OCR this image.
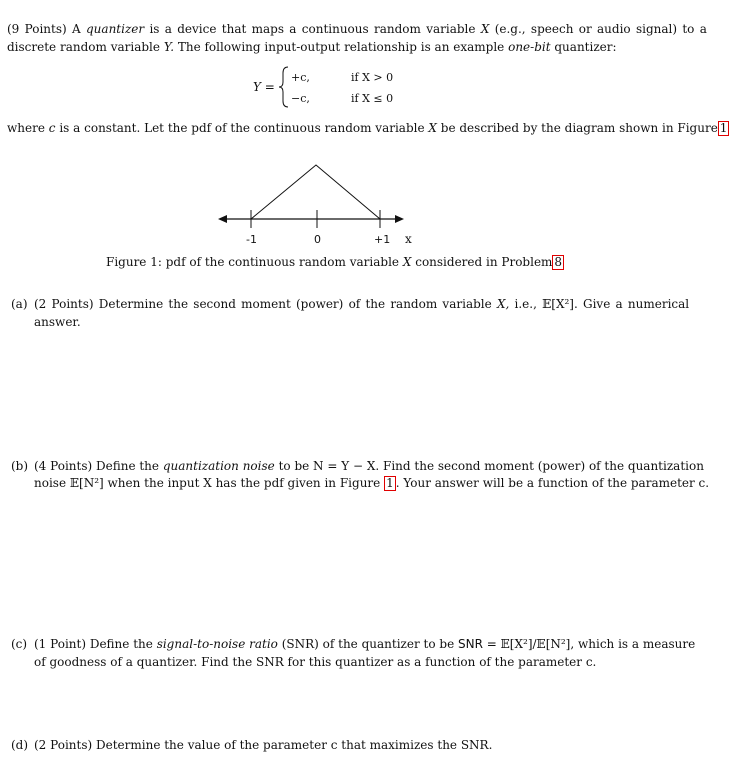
(9 Points) A quantizer is a device that maps a continuous random variable X (e.g., speech or audio signal) to a
discrete random variable Y. The following input-output relationship is an example one-bit quantizer:
Y =
+c,	if X > 0
−c,	if X ≤ 0
where c is a constant. Let the pdf of the continuous random variable X be described by the diagram shown in Figure 1
-1	0	+1 x
Figure 1: pdf of the continuous random variable X considered in Problem 8
(a) (2 Points) Determine the second moment (power) of the random variable X, i.e., 𝔼[X²]. Give a numerical
answer.
(b) (4 Points) Define the quantization noise to be N = Y − X. Find the second moment (power) of the quantization
noise 𝔼[N²] when the input X has the pdf given in Figure 1 . Your answer will be a function of the parameter c.
(c) (1 Point) Define the signal-to-noise ratio (SNR) of the quantizer to be SNR = 𝔼[X²]/𝔼[N²], which is a measure
of goodness of a quantizer. Find the SNR for this quantizer as a function of the parameter c.
(d) (2 Points) Determine the value of the parameter c that maximizes the SNR.
